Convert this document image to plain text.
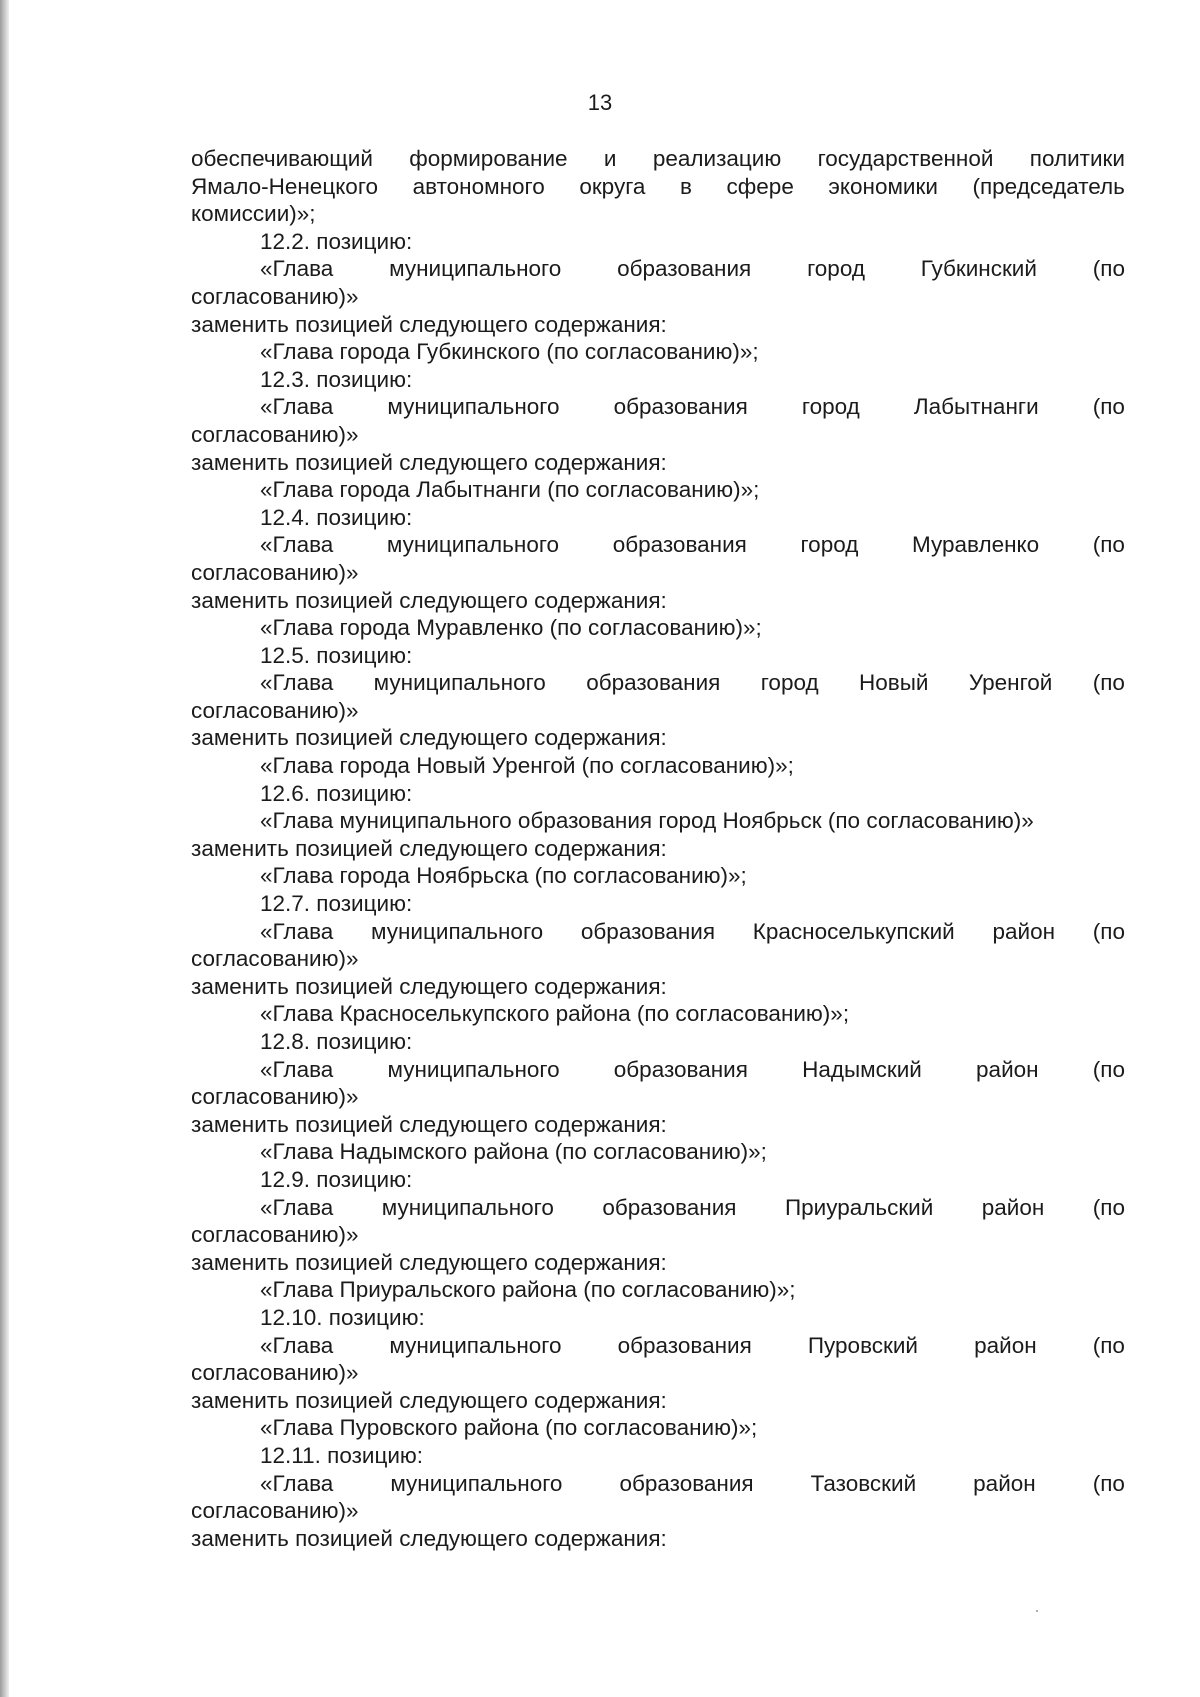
13
обеспечивающий формирование и реализацию государственной политики
Ямало-Ненецкого автономного округа в сфере экономики (председатель
комиссии)»;
12.2. позицию:
«Глава муниципального образования город Губкинский (по
согласованию)»
заменить позицией следующего содержания:
«Глава города Губкинского (по согласованию)»;
12.3. позицию:
«Глава муниципального образования город Лабытнанги (по
согласованию)»
заменить позицией следующего содержания:
«Глава города Лабытнанги (по согласованию)»;
12.4. позицию:
«Глава муниципального образования город Муравленко (по
согласованию)»
заменить позицией следующего содержания:
«Глава города Муравленко (по согласованию)»;
12.5. позицию:
«Глава муниципального образования город Новый Уренгой (по
согласованию)»
заменить позицией следующего содержания:
«Глава города Новый Уренгой (по согласованию)»;
12.6. позицию:
«Глава муниципального образования город Ноябрьск (по согласованию)»
заменить позицией следующего содержания:
«Глава города Ноябрьска (по согласованию)»;
12.7. позицию:
«Глава муниципального образования Красноселькупский район (по
согласованию)»
заменить позицией следующего содержания:
«Глава Красноселькупского района (по согласованию)»;
12.8. позицию:
«Глава муниципального образования Надымский район (по
согласованию)»
заменить позицией следующего содержания:
«Глава Надымского района (по согласованию)»;
12.9. позицию:
«Глава муниципального образования Приуральский район (по
согласованию)»
заменить позицией следующего содержания:
«Глава Приуральского района (по согласованию)»;
12.10. позицию:
«Глава муниципального образования Пуровский район (по
согласованию)»
заменить позицией следующего содержания:
«Глава Пуровского района (по согласованию)»;
12.11. позицию:
«Глава	муниципального	образования	Тазовский	район	(по
согласованию)»
заменить позицией следующего содержания:
